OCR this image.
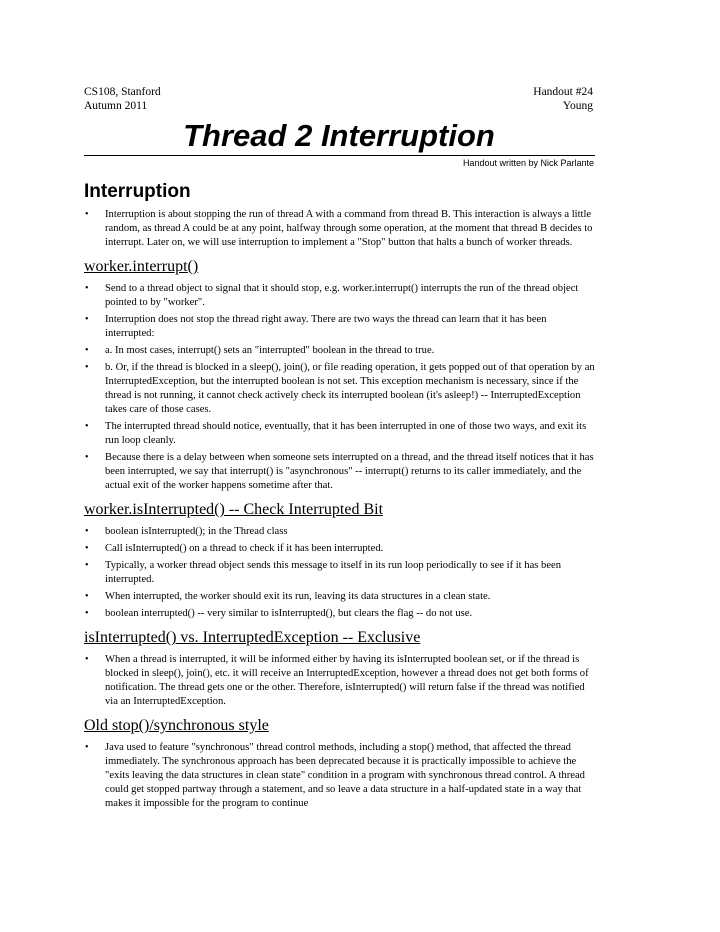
CS108, Stanford
Autumn 2011
Handout #24
Young
Thread 2 Interruption
Handout written by Nick Parlante
Interruption
• Interruption is about stopping the run of thread A with a command from thread B. This interaction is always a little random, as thread A could be at any point, halfway through some operation, at the moment that thread B decides to interrupt. Later on, we will use interruption to implement a "Stop" button that halts a bunch of worker threads.
worker.interrupt()
• Send to a thread object to signal that it should stop, e.g. worker.interrupt() interrupts the run of the thread object pointed to by "worker".
• Interruption does not stop the thread right away. There are two ways the thread can learn that it has been interrupted:
• a. In most cases, interrupt() sets an "interrupted" boolean in the thread to true.
• b. Or, if the thread is blocked in a sleep(), join(), or file reading operation, it gets popped out of that operation by an InterruptedException, but the interrupted boolean is not set. This exception mechanism is necessary, since if the thread is not running, it cannot check actively check its interrupted boolean (it's asleep!) -- InterruptedException takes care of those cases.
• The interrupted thread should notice, eventually, that it has been interrupted in one of those two ways, and exit its run loop cleanly.
• Because there is a delay between when someone sets interrupted on a thread, and the thread itself notices that it has been interrupted, we say that interrupt() is "asynchronous" -- interrupt() returns to its caller immediately, and the actual exit of the worker happens sometime after that.
worker.isInterrupted() -- Check Interrupted Bit
• boolean isInterrupted(); in the Thread class
• Call isInterrupted() on a thread to check if it has been interrupted.
• Typically, a worker thread object sends this message to itself in its run loop periodically to see if it has been interrupted.
• When interrupted, the worker should exit its run, leaving its data structures in a clean state.
• boolean interrupted() -- very similar to isInterrupted(), but clears the flag -- do not use.
isInterrupted() vs. InterruptedException -- Exclusive
• When a thread is interrupted, it will be informed either by having its isInterrupted boolean set, or if the thread is blocked in sleep(), join(), etc. it will receive an InterruptedException, however a thread does not get both forms of notification. The thread gets one or the other. Therefore, isInterrupted() will return false if the thread was notified via an InterruptedException.
Old stop()/synchronous style
• Java used to feature "synchronous" thread control methods, including a stop() method, that affected the thread immediately. The synchronous approach has been deprecated because it is practically impossible to achieve the "exits leaving the data structures in clean state" condition in a program with synchronous thread control. A thread could get stopped partway through a statement, and so leave a data structure in a half-updated state in a way that makes it impossible for the program to continue
